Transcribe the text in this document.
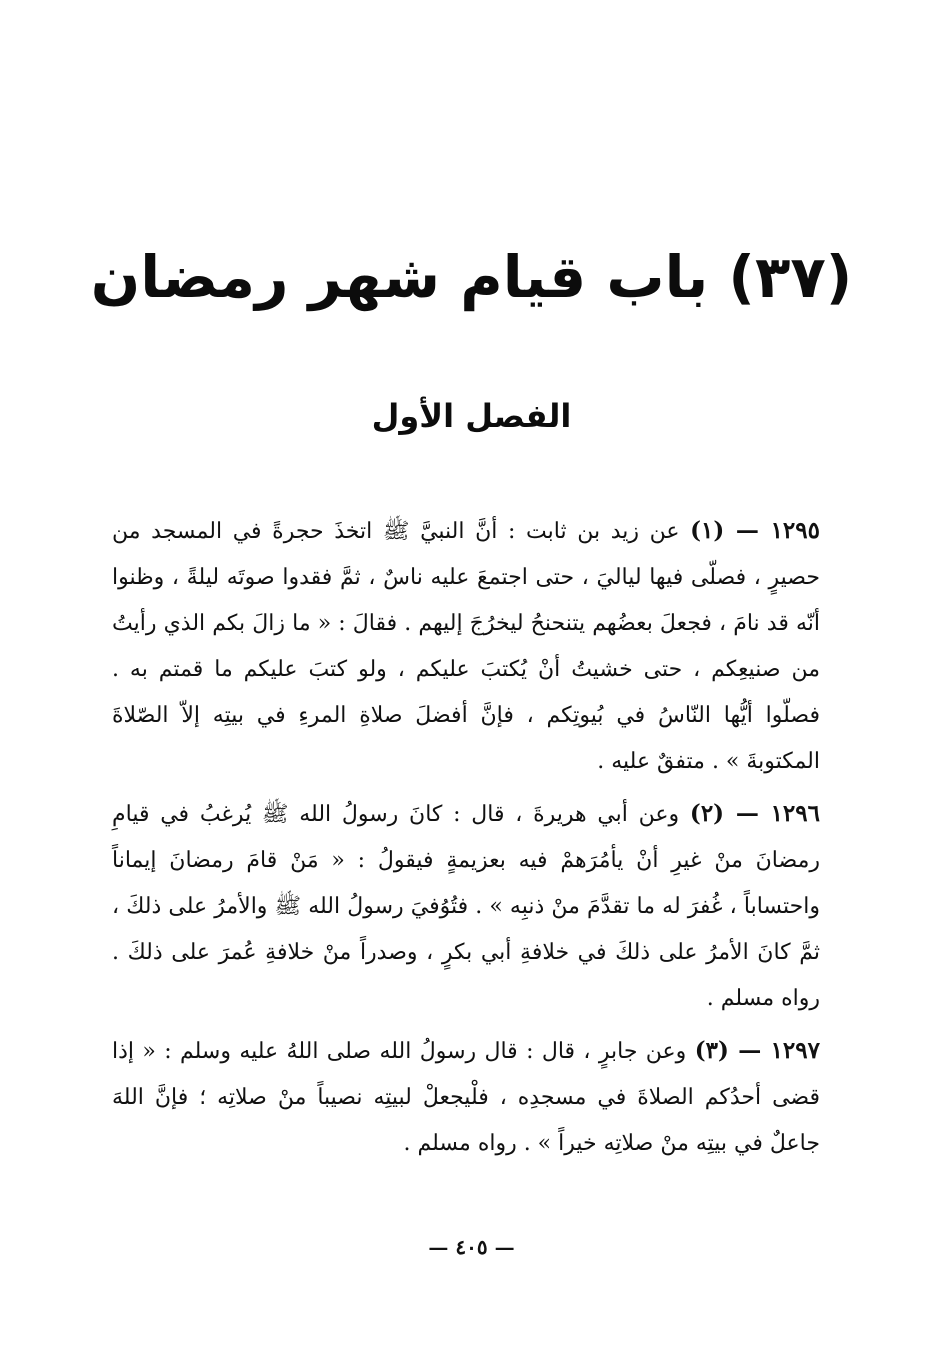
(٣٧) باب قيام شهر رمضان
الفصل الأول

١٢٩٥ — (١) عن زيد بن ثابت : أنَّ النبيَّ ﷺ اتخذَ حجرةً في المسجد من حصيرٍ ، فصلّى فيها لياليَ ، حتى اجتمعَ عليه ناسٌ ، ثمَّ فقدوا صوتَه ليلةً ، وظنوا أنّه قد نامَ ، فجعلَ بعضُهم يتنحنحُ ليخرُجَ إليهم . فقالَ : « ما زالَ بكم الذي رأيتُ من صنيعِكم ، حتى خشيتُ أنْ يُكتبَ عليكم ، ولو كتبَ عليكم ما قمتم به . فصلّوا أيُّها النّاسُ في بُيوتِكم ، فإنَّ أفضلَ صلاةِ المرءِ في بيتِه إلاّ الصّلاةَ المكتوبةَ » . متفقٌ عليه .

١٢٩٦ — (٢) وعن أبي هريرةَ ، قال : كانَ رسولُ الله ﷺ يُرغبُ في قيامِ رمضانَ منْ غيرِ أنْ يأمُرَهمْ فيه بعزيمةٍ فيقولُ : « مَنْ قامَ رمضانَ إيماناً واحتساباً ، غُفرَ له ما تقدَّمَ منْ ذنبِه » . فتُوُفيَ رسولُ الله ﷺ والأمرُ على ذلكَ ، ثمَّ كانَ الأمرُ على ذلكَ في خلافةِ أبي بكرٍ ، وصدراً منْ خلافةِ عُمرَ على ذلكَ . رواه مسلم .

١٢٩٧ — (٣) وعن جابرٍ ، قال : قال رسولُ الله صلى اللهُ عليه وسلم : « إذا قضى أحدُكم الصلاةَ في مسجدِه ، فلْيجعلْ لبيتِه نصيباً منْ صلاتِه ؛ فإنَّ اللهَ جاعلٌ في بيتِه منْ صلاتِه خيراً » . رواه مسلم .

— ٤٠٥ —
